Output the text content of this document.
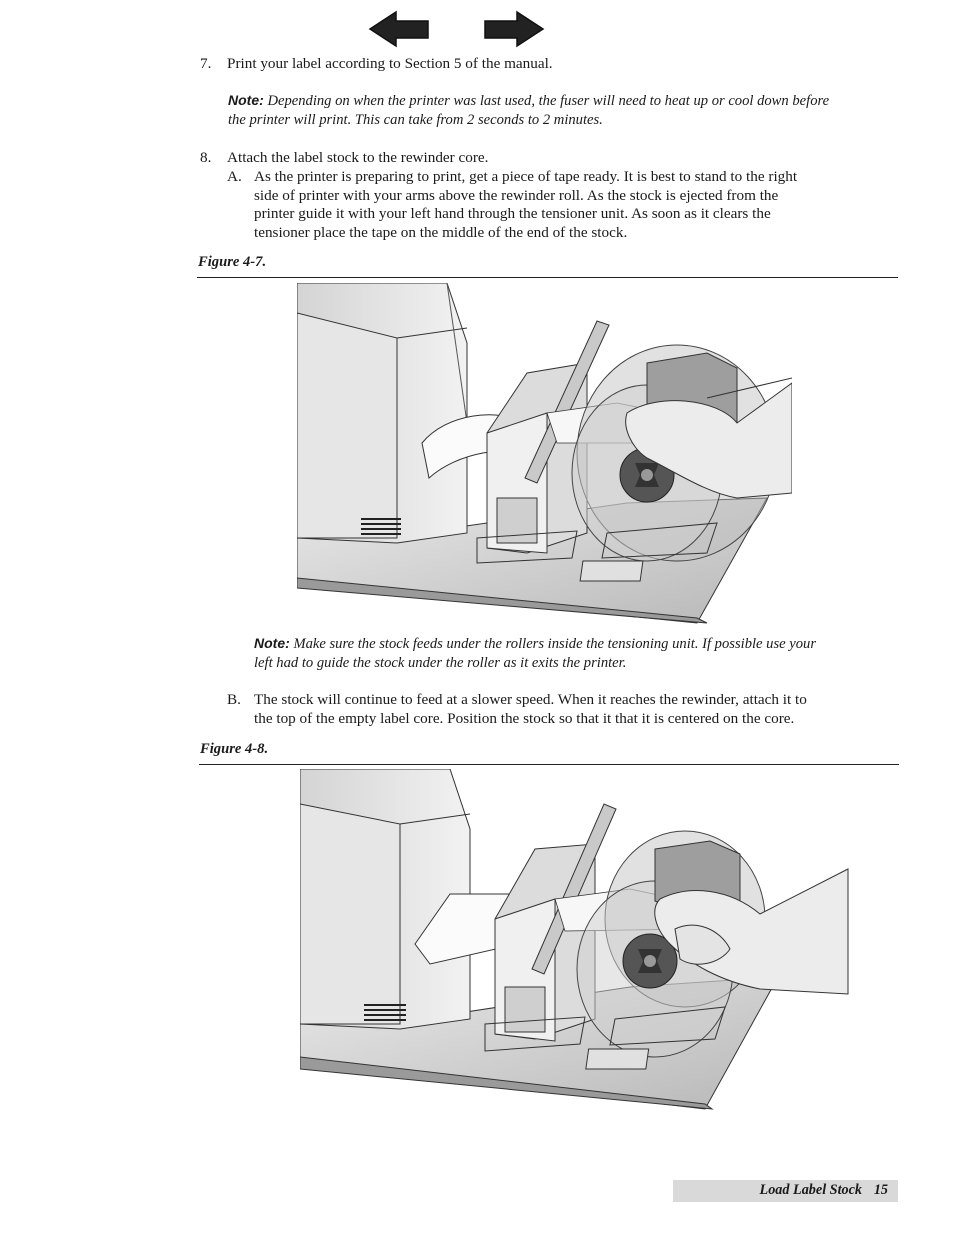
7. Print your label according to Section 5 of the manual.
Note: Depending on when the printer was last used, the fuser will need to heat up or cool down before
the printer will print. This can take from 2 seconds to 2 minutes.
8. Attach the label stock to the rewinder core.
A. As the printer is preparing to print, get a piece of tape ready. It is best to stand to the right
side of printer with your arms above the rewinder roll. As the stock is ejected from the
printer guide it with your left hand through the tensioner unit. As soon as it clears the
tensioner place the tape on the middle of the end of the stock.
Figure 4-7.
Note: Make sure the stock feeds under the rollers inside the tensioning unit. If possible use your
left had to guide the stock under the roller as it exits the printer.
B. The stock will continue to feed at a slower speed. When it reaches the rewinder, attach it to
the top of the empty label core. Position the stock so that it that it is centered on the core.
Figure 4-8.
Load Label Stock 15
